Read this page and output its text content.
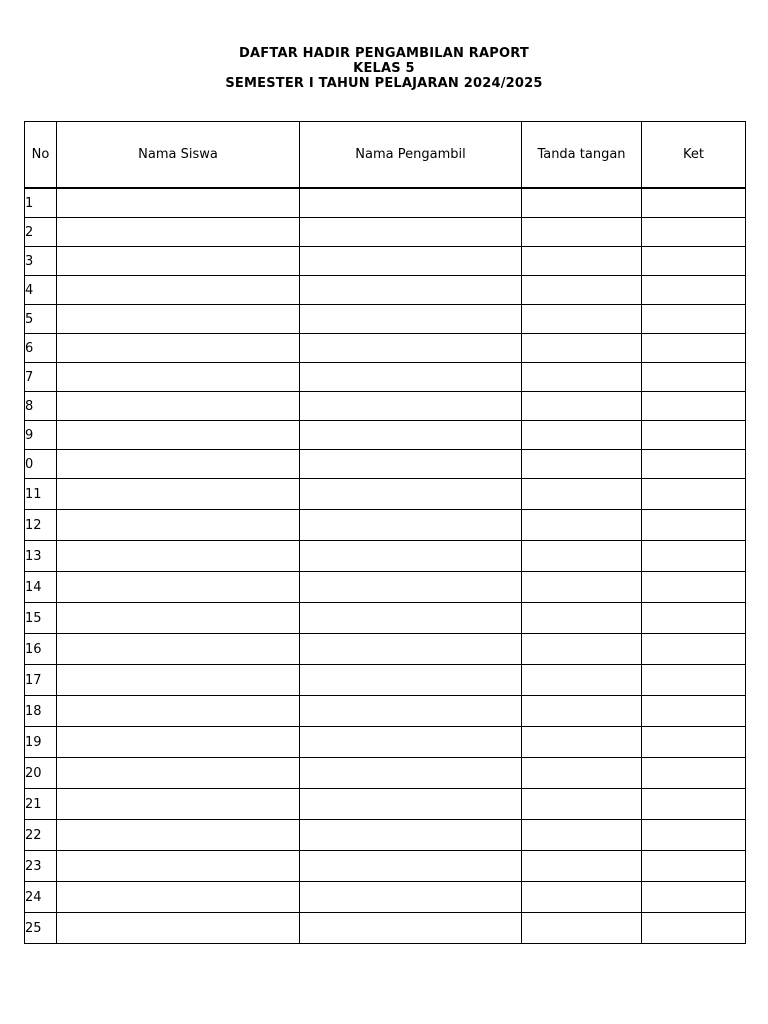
DAFTAR HADIR PENGAMBILAN RAPORT
KELAS 5
SEMESTER I TAHUN PELAJARAN 2024/2025
No	Nama Siswa	Nama Pengambil	Tanda tangan	Ket
1				
2				
3				
4				
5				
6				
7				
8				
9				
0				
11				
12				
13				
14				
15				
16				
17				
18				
19				
20				
21				
22				
23				
24				
25				
